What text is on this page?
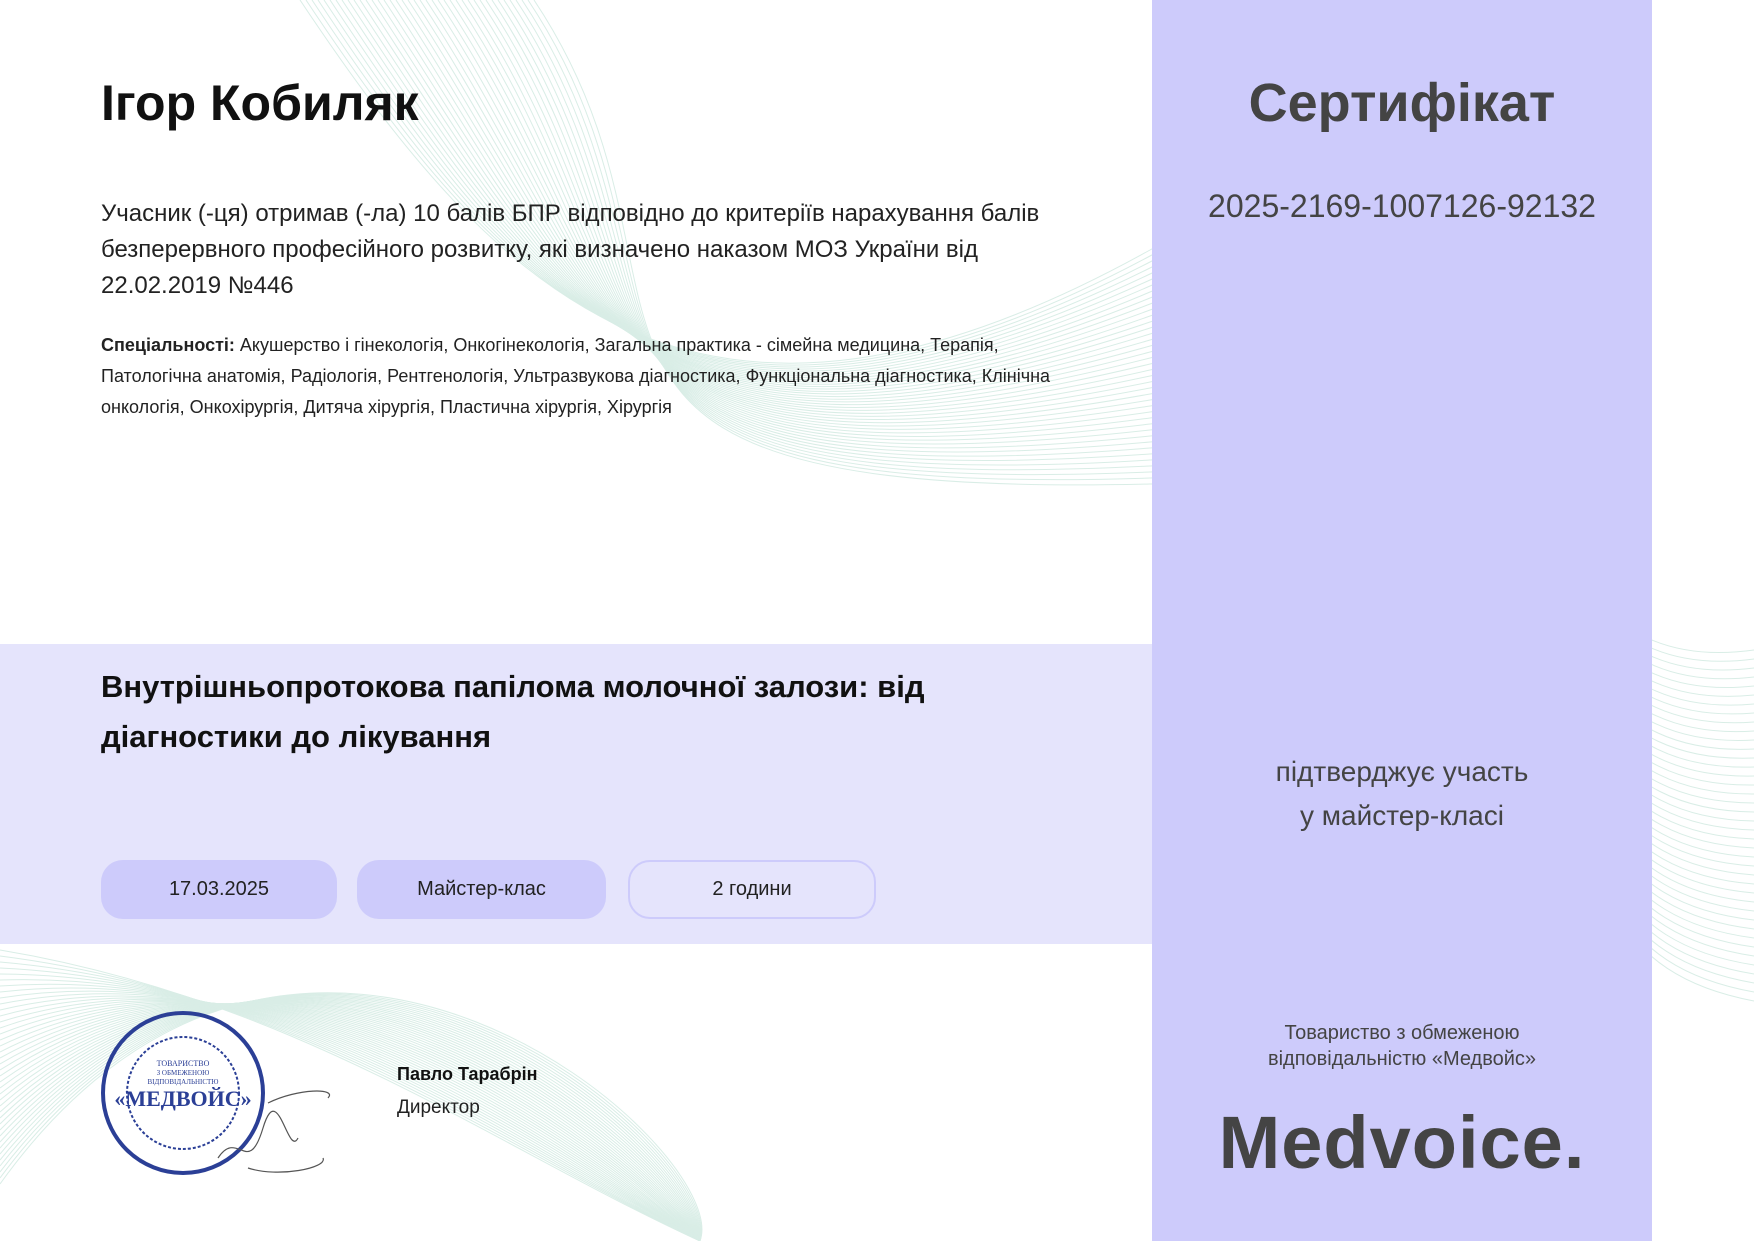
Ігор Кобиляк
Учасник (-ця) отримав (-ла) 10 балів БПР відповідно до критеріїв нарахування балів безперервного професійного розвитку, які визначено наказом МОЗ України від 22.02.2019 №446
Спеціальності: Акушерство і гінекологія, Онкогінекологія, Загальна практика - сімейна медицина, Терапія, Патологічна анатомія, Радіологія, Рентгенологія, Ультразвукова діагностика, Функціональна діагностика, Клінічна онкологія, Онкохірургія, Дитяча хірургія, Пластична хірургія, Хірургія
Внутрішньопротокова папілома молочної залози: від діагностики до лікування
17.03.2025	Майстер-клас	2 години
ТОВАРИСТВО
З ОБМЕЖЕНОЮ
ВІДПОВІДАЛЬНІСТЮ
«МЕДВОЙС»
Павло Тарабрін
Директор
Сертифікат
2025-2169-1007126-92132
підтверджує участь
у майстер-класі
Товариство з обмеженою
відповідальністю «Медвойс»
Medvoice.
